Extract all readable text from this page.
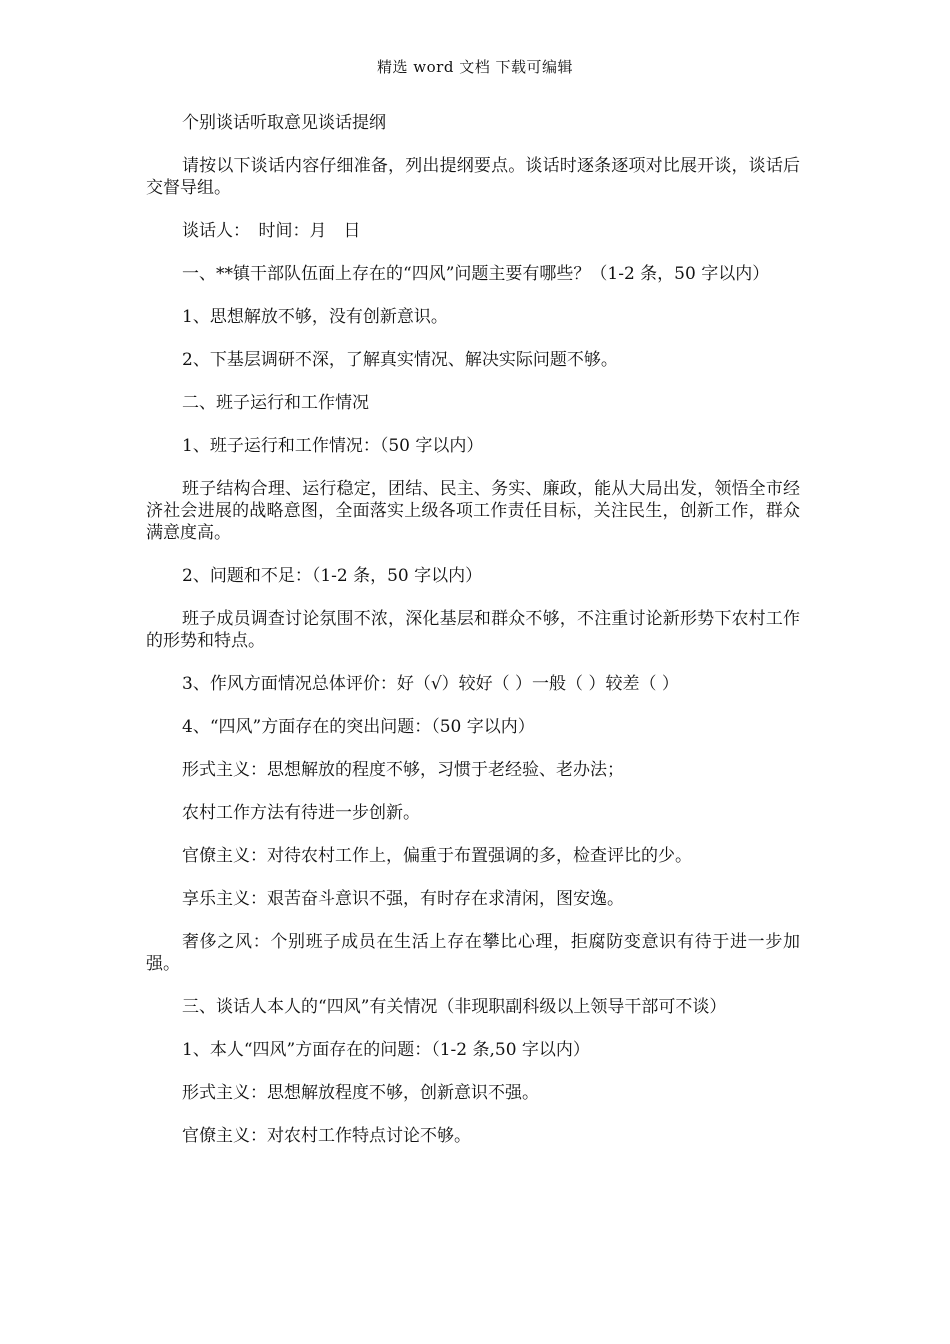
精选 word 文档 下载可编辑

个别谈话听取意见谈话提纲

请按以下谈话内容仔细准备，列出提纲要点。谈话时逐条逐项对比展开谈，谈话后交督导组。

谈话人：　时间：月　日

一、**镇干部队伍面上存在的“四风”问题主要有哪些？（1-2 条，50 字以内）

1、思想解放不够，没有创新意识。

2、下基层调研不深，了解真实情况、解决实际问题不够。

二、班子运行和工作情况

1、班子运行和工作情况：（50 字以内）

班子结构合理、运行稳定，团结、民主、务实、廉政，能从大局出发，领悟全市经济社会进展的战略意图，全面落实上级各项工作责任目标，关注民生，创新工作，群众满意度高。

2、问题和不足：（1-2 条，50 字以内）

班子成员调查讨论氛围不浓，深化基层和群众不够，不注重讨论新形势下农村工作的形势和特点。

3、作风方面情况总体评价：好（√）较好（ ）一般（ ）较差（ ）

4、“四风”方面存在的突出问题：（50 字以内）

形式主义：思想解放的程度不够，习惯于老经验、老办法；

农村工作方法有待进一步创新。

官僚主义：对待农村工作上，偏重于布置强调的多，检查评比的少。

享乐主义：艰苦奋斗意识不强，有时存在求清闲，图安逸。

奢侈之风：个别班子成员在生活上存在攀比心理，拒腐防变意识有待于进一步加强。

三、谈话人本人的“四风”有关情况（非现职副科级以上领导干部可不谈）

1、本人“四风”方面存在的问题：（1-2 条,50 字以内）

形式主义：思想解放程度不够，创新意识不强。

官僚主义：对农村工作特点讨论不够。
